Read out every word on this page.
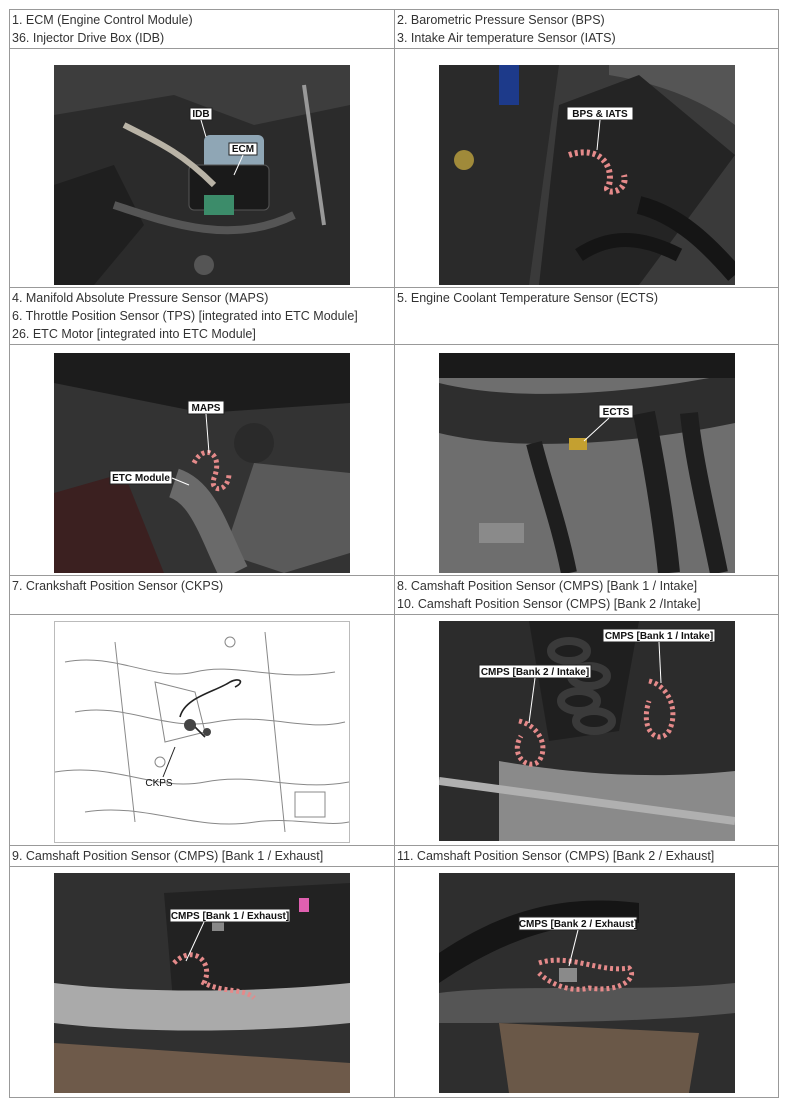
1. ECM (Engine Control Module)
36. Injector Drive Box (IDB)
2. Barometric Pressure Sensor (BPS)
3. Intake Air temperature Sensor (IATS)
IDB
ECM
BPS & IATS
4. Manifold Absolute Pressure Sensor (MAPS)
6. Throttle Position Sensor (TPS) [integrated into ETC Module]
26. ETC Motor [integrated into ETC Module]
5. Engine Coolant Temperature Sensor (ECTS)
MAPS
ETC Module
ECTS
7. Crankshaft Position Sensor (CKPS)	8. Camshaft Position Sensor (CMPS) [Bank 1 / Intake]
10. Camshaft Position Sensor (CMPS) [Bank 2 /Intake]
CKPS
CMPS [Bank 1 / Intake]
CMPS [Bank 2 / Intake]
9. Camshaft Position Sensor (CMPS) [Bank 1 / Exhaust]	11. Camshaft Position Sensor (CMPS) [Bank 2 / Exhaust]
CMPS [Bank 1 / Exhaust]
CMPS [Bank 2 / Exhaust]
